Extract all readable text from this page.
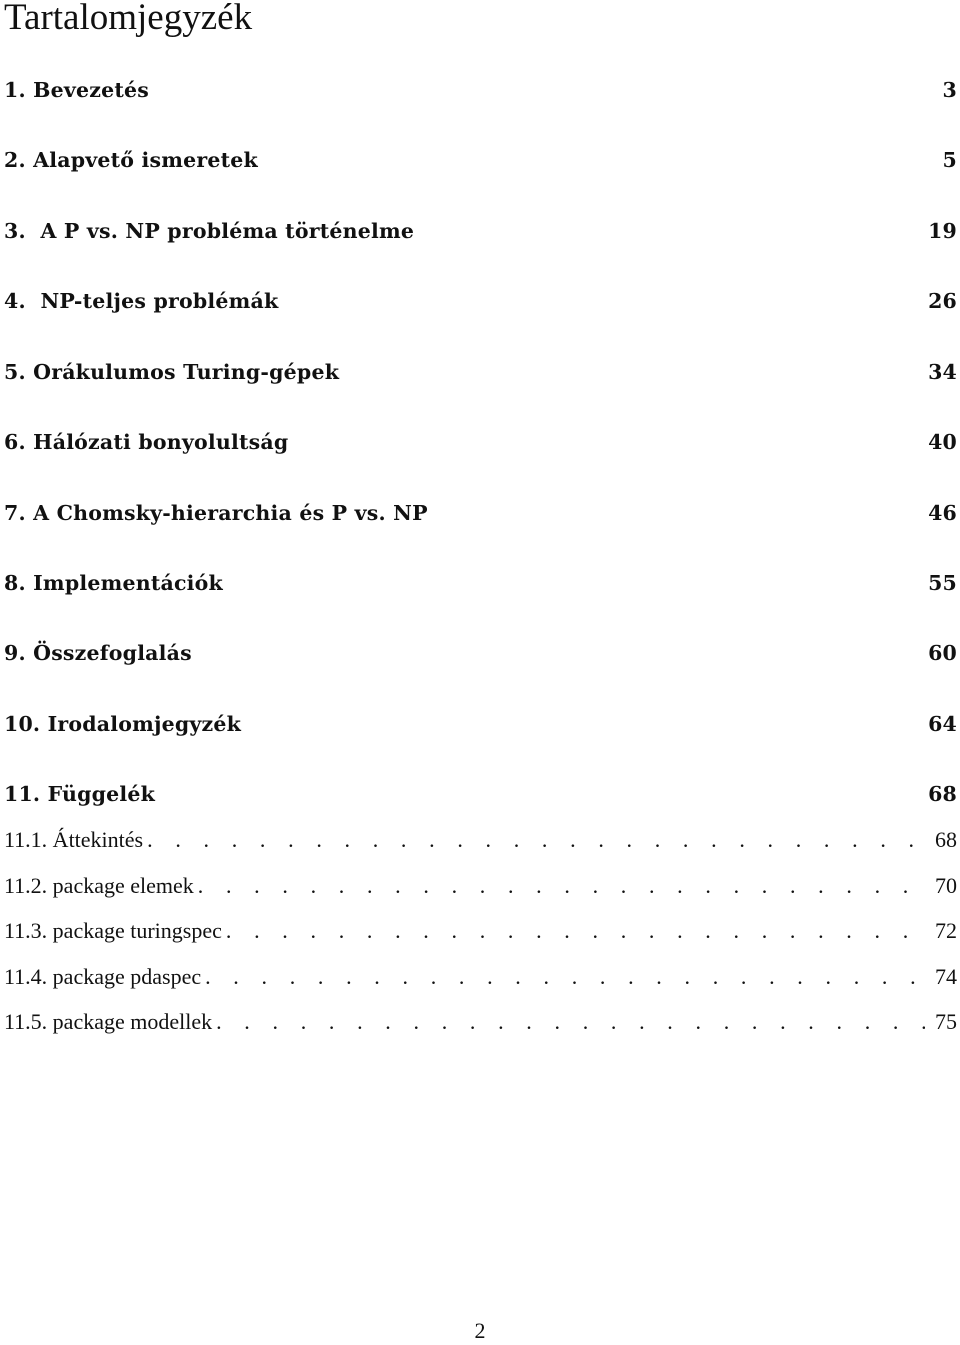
Tartalomjegyzék
1. Bevezetés	3
2. Alapvető ismeretek	5
3.  A P vs. NP probléma történelme	19
4.  NP-teljes problémák	26
5. Orákulumos Turing-gépek	34
6. Hálózati bonyolultság	40
7. A Chomsky-hierarchia és P vs. NP	46
8. Implementációk	55
9. Összefoglalás	60
10. Irodalomjegyzék	64
11. Függelék	68
11.1. Áttekintés . . .	68
11.2. package elemek . . .	70
11.3. package turingspec . . .	72
11.4. package pdaspec . . .	74
11.5. package modellek . . .	75
2
